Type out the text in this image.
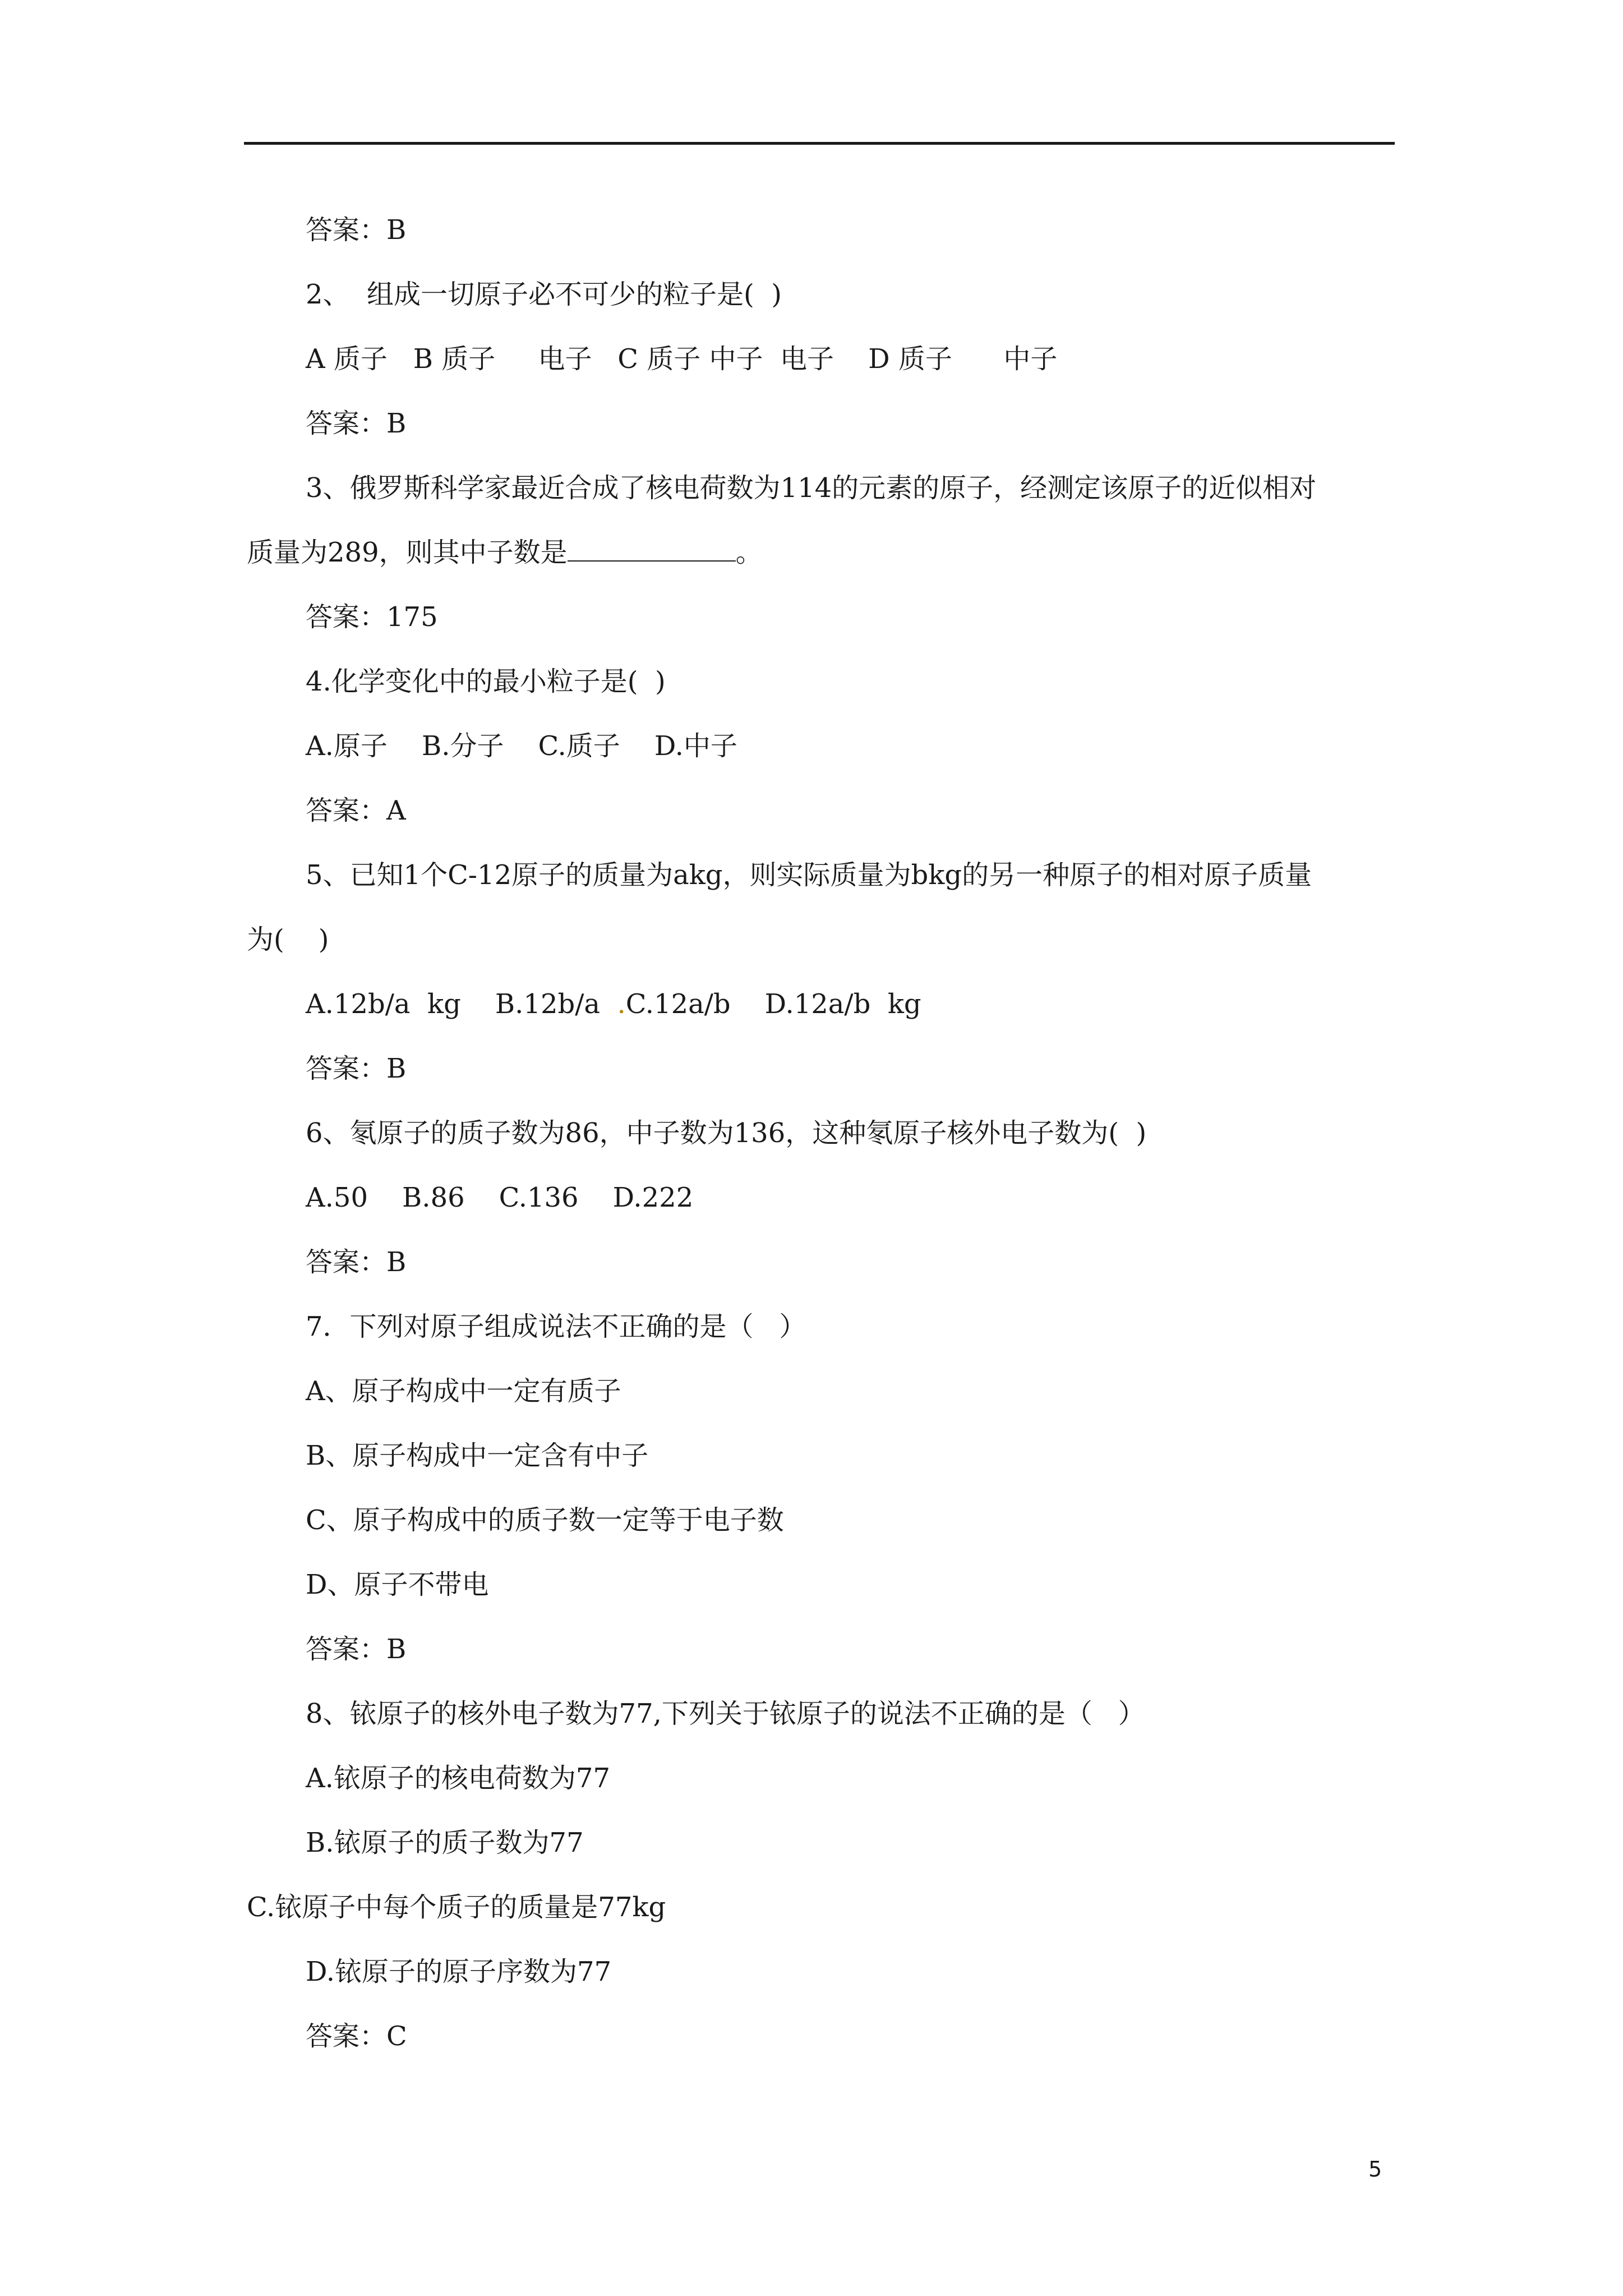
答案：B
2、  组成一切原子必不可少的粒子是(  )
A 质子   B 质子     电子   C 质子 中子  电子    D 质子      中子
答案：B
3、俄罗斯科学家最近合成了核电荷数为114的元素的原子，经测定该原子的近似相对
质量为289，则其中子数是	。
答案：175
4.化学变化中的最小粒子是(  )
A.原子    B.分子    C.质子    D.中子
答案：A
5、已知1个C-12原子的质量为akg，则实际质量为bkg的另一种原子的相对原子质量
为(    )
A.12b/a  kg    B.12b/a  .C.12a/b    D.12a/b  kg
答案：B
6、氡原子的质子数为86，中子数为136，这种氡原子核外电子数为(  )
A.50    B.86    C.136    D.222
答案：B
7．下列对原子组成说法不正确的是（   ）
A、原子构成中一定有质子
B、原子构成中一定含有中子
C、原子构成中的质子数一定等于电子数
D、原子不带电
答案：B
8、铱原子的核外电子数为77,下列关于铱原子的说法不正确的是（   ）
A.铱原子的核电荷数为77
B.铱原子的质子数为77
C.铱原子中每个质子的质量是77kg
D.铱原子的原子序数为77
答案：C
5
